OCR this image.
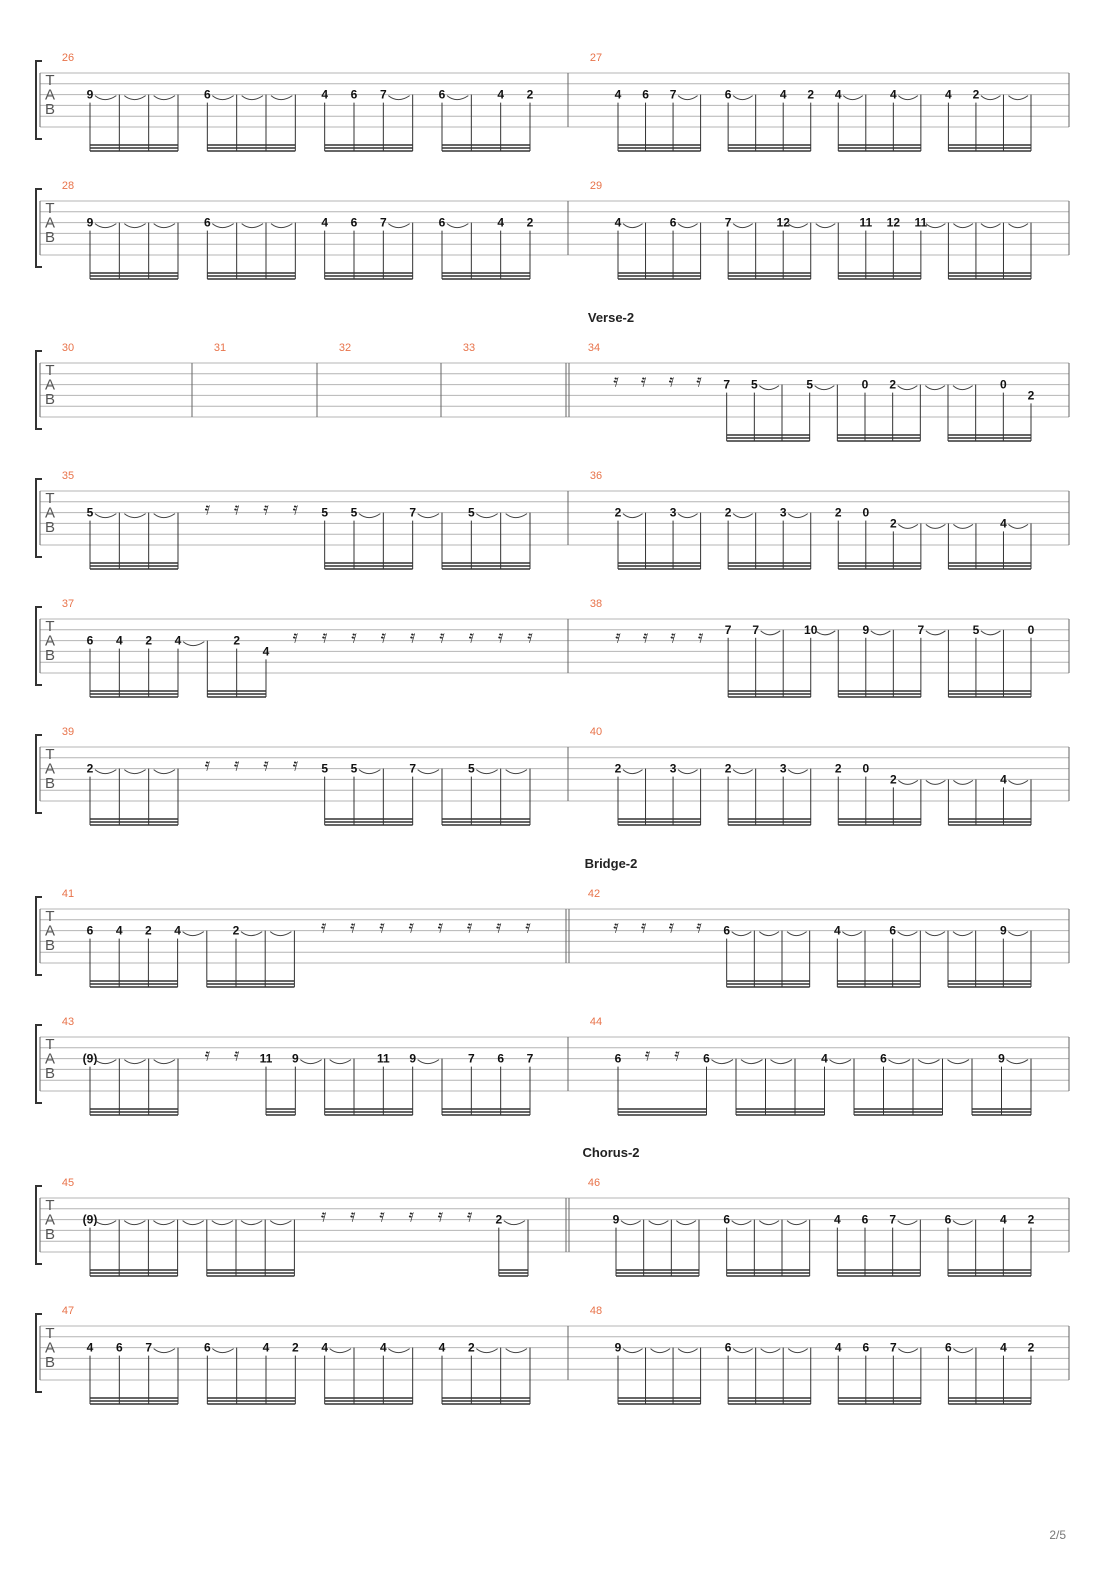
T
A
B
26
9	6	4 6 7	6	4 2
27
4 6 7	6	4 2 4	4	4 2
T
A
B
28
9	6	4 6 7	6	4 2
29
4	6	7	12	11 12 11
Verse-2
T
A
B
30	31	32	33	34
𝄿 𝄿 𝄿 𝄿 7 5	5	0 2	0
2
T
A
B
35
5	𝄿 𝄿 𝄿 𝄿 5 5	7	5
36
2	3	2	3	2 0
2	4
T
A
B
37
6 4 2 4	2
4
𝄿 𝄿 𝄿 𝄿 𝄿 𝄿 𝄿 𝄿 𝄿
38
𝄿 𝄿 𝄿 𝄿 7 7	10	9	7	5	0
T
A
B
39
2	𝄿 𝄿 𝄿 𝄿 5 5	7	5
40
2	3	2	3	2 0
2	4
Bridge-2
T
A
B
41
6 4 2 4	2	𝄿 𝄿 𝄿 𝄿 𝄿 𝄿 𝄿 𝄿
42
𝄿 𝄿 𝄿 𝄿 6	4	6	9
T
A
B
43
(9)	𝄿 𝄿 11 9	11 9	7 6 7
44
6 𝄿 𝄿 6	4	6	9
Chorus-2
T
A
B
45
(9)	𝄿 𝄿 𝄿 𝄿 𝄿 𝄿 2
46
9	6	4 6 7	6	4 2
T
A
B
47
4 6 7	6	4 2 4	4	4 2
48
9	6	4 6 7	6	4 2
2/5
